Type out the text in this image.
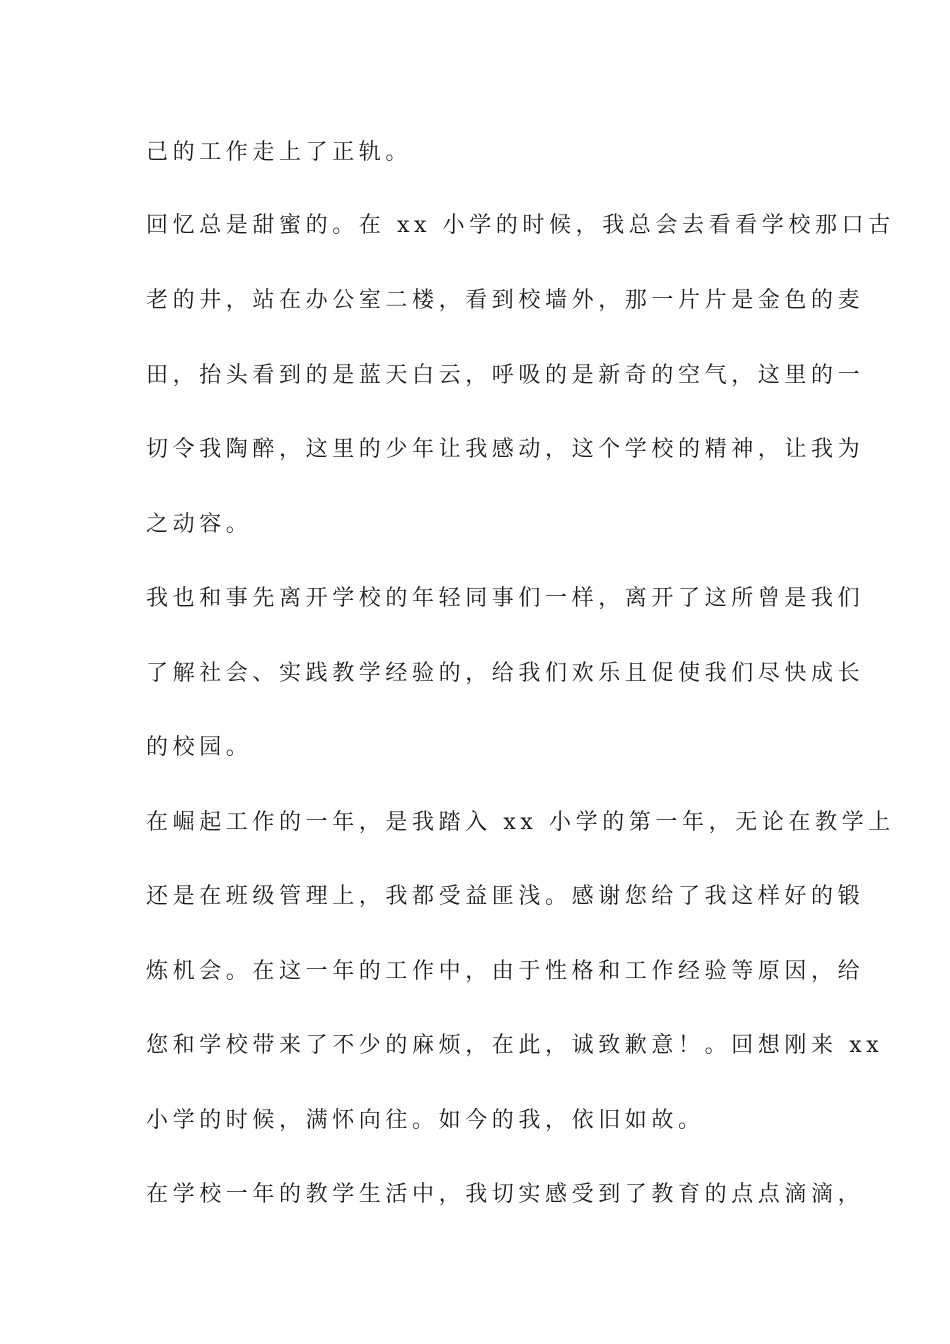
己的工作走上了正轨。
回忆总是甜蜜的。在 xx 小学的时候，我总会去看看学校那口古
老的井，站在办公室二楼，看到校墙外，那一片片是金色的麦
田，抬头看到的是蓝天白云，呼吸的是新奇的空气，这里的一
切令我陶醉，这里的少年让我感动，这个学校的精神，让我为
之动容。
我也和事先离开学校的年轻同事们一样，离开了这所曾是我们
了解社会、实践教学经验的，给我们欢乐且促使我们尽快成长
的校园。
在崛起工作的一年，是我踏入 xx 小学的第一年，无论在教学上
还是在班级管理上，我都受益匪浅。感谢您给了我这样好的锻
炼机会。在这一年的工作中，由于性格和工作经验等原因，给
您和学校带来了不少的麻烦，在此，诚致歉意！。回想刚来 xx
小学的时候，满怀向往。如今的我，依旧如故。
在学校一年的教学生活中，我切实感受到了教育的点点滴滴，
